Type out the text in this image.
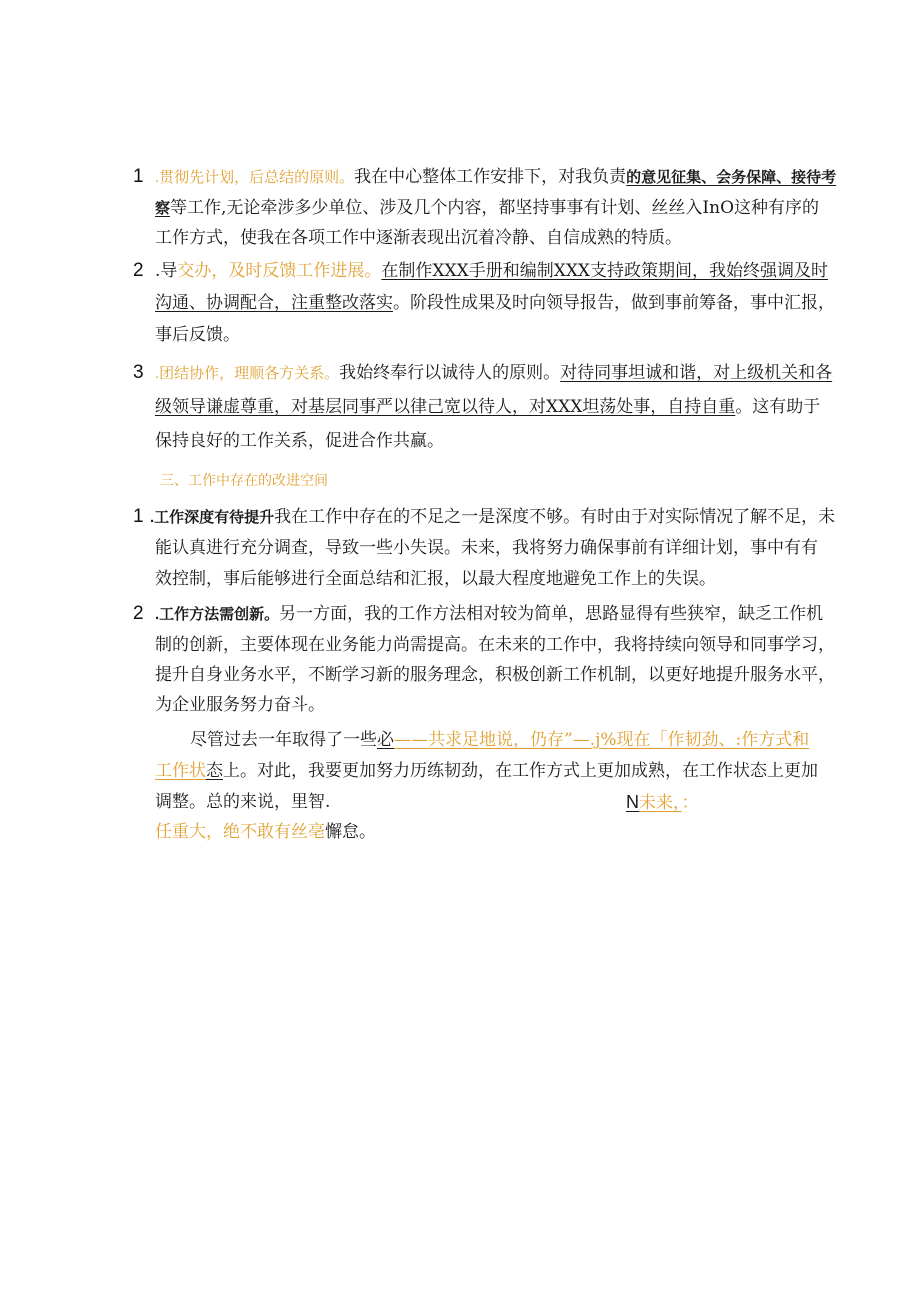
1 .贯彻先计划，后总结的原则。我在中心整体工作安排下，对我负责的意见征集、会务保障、接待考
察等工作,无论牵涉多少单位、涉及几个内容，都坚持事事有计划、丝丝入InO这种有序的
工作方式，使我在各项工作中逐渐表现出沉着冷静、自信成熟的特质。
2 .导交办，及时反馈工作进展。在制作XXX手册和编制XXX支持政策期间，我始终强调及时
沟通、协调配合，注重整改落实。阶段性成果及时向领导报告，做到事前筹备，事中汇报，
事后反馈。
3 .团结协作，理顺各方关系。我始终奉行以诚待人的原则。对待同事坦诚和谐，对上级机关和各
级领导谦虚尊重，对基层同事严以律己宽以待人，对XXX坦荡处事，自持自重。这有助于
保持良好的工作关系，促进合作共赢。
三、工作中存在的改进空间
1 .工作深度有待提升我在工作中存在的不足之一是深度不够。有时由于对实际情况了解不足，未
能认真进行充分调查，导致一些小失误。未来，我将努力确保事前有详细计划，事中有有
效控制，事后能够进行全面总结和汇报，以最大程度地避免工作上的失误。
2 .工作方法需创新。另一方面，我的工作方法相对较为简单，思路显得有些狭窄，缺乏工作机
制的创新，主要体现在业务能力尚需提高。在未来的工作中，我将持续向领导和同事学习，
提升自身业务水平，不断学习新的服务理念，积极创新工作机制，以更好地提升服务水平，
为企业服务努力奋斗。
尽管过去一年取得了一些必——共求足地说，仍存”—.j%现在「作韧劲、:作方式和
工作状态上。对此，我要更加努力历练韧劲，在工作方式上更加成熟，在工作状态上更加
调整。总的来说，里智.	N未来，：
任重大，绝不敢有丝亳懈怠。
